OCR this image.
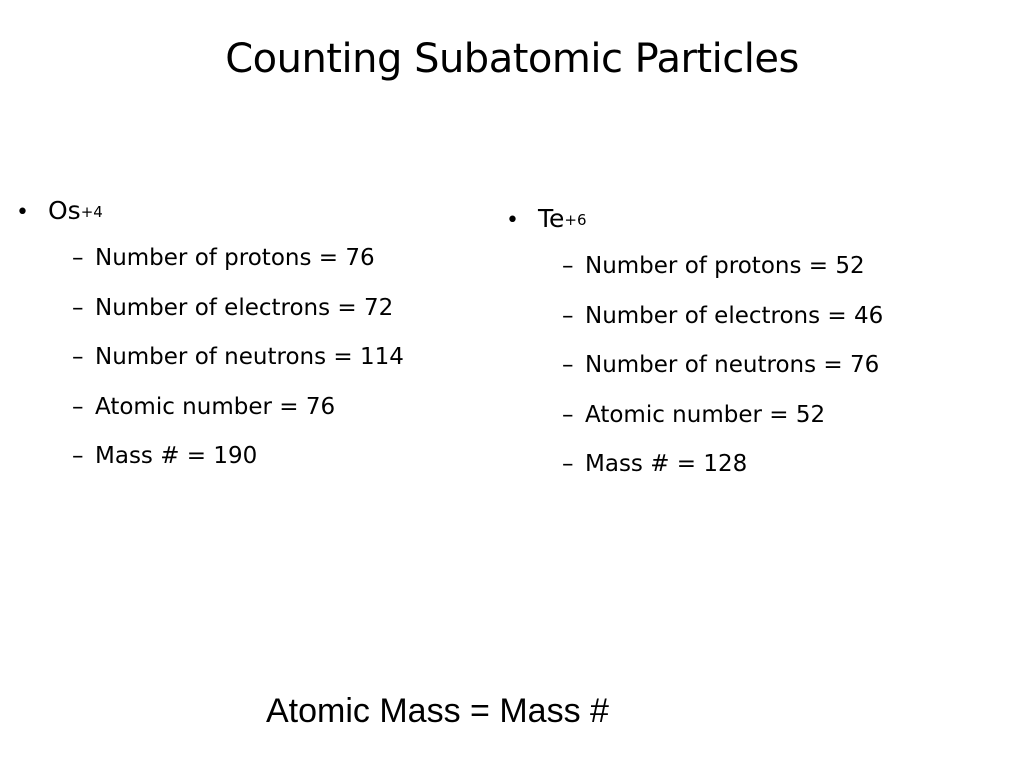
Counting Subatomic Particles
• Os +4
– Number of protons = 76
– Number of electrons = 72
– Number of neutrons = 114
– Atomic number = 76
– Mass # = 190
• Te +6
– Number of protons = 52
– Number of electrons = 46
– Number of neutrons = 76
– Atomic number = 52
– Mass # = 128
Atomic Mass = Mass #
